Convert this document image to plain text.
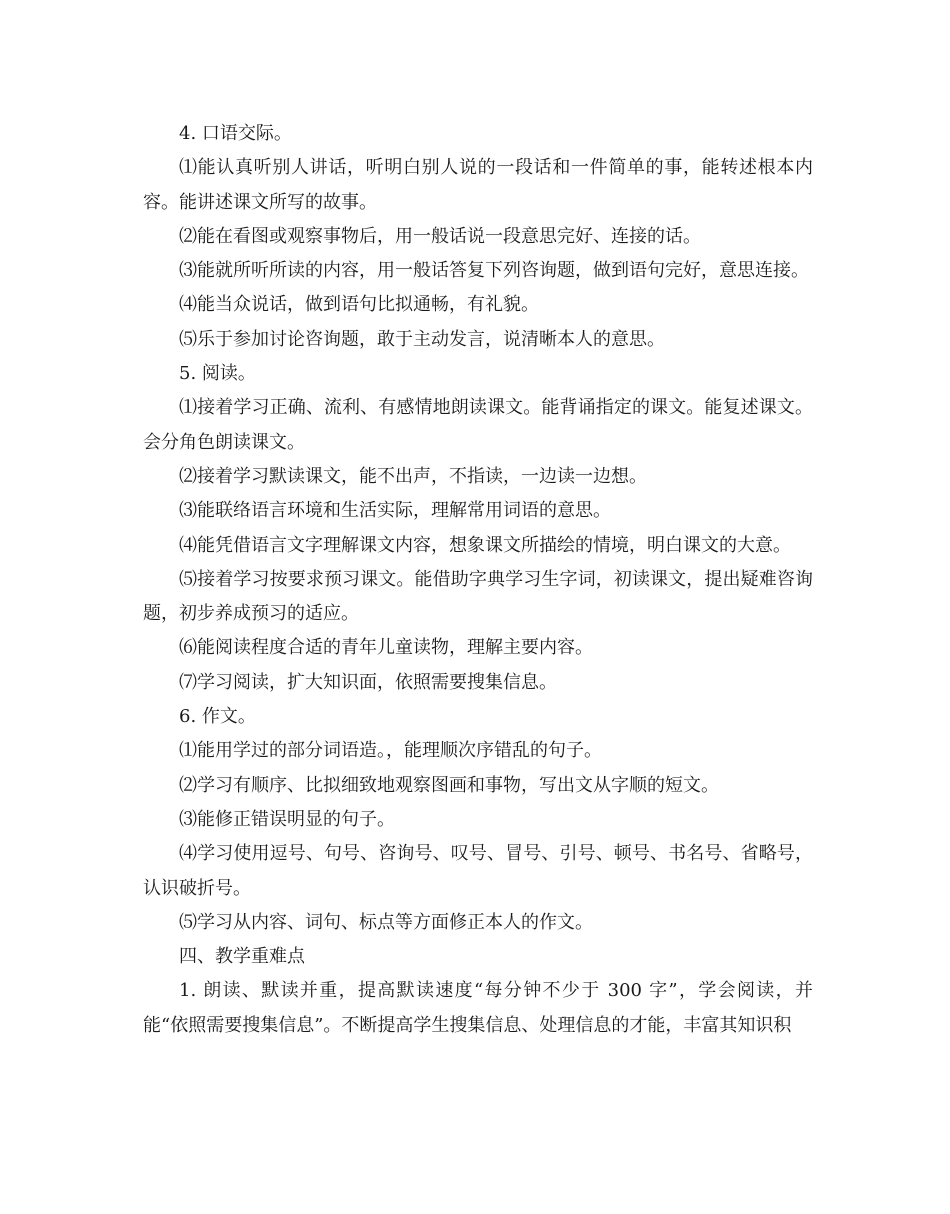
4. 口语交际。

⑴能认真听别人讲话，听明白别人说的一段话和一件简单的事，能转述根本内容。能讲述课文所写的故事。

⑵能在看图或观察事物后，用一般话说一段意思完好、连接的话。

⑶能就所听所读的内容，用一般话答复下列咨询题，做到语句完好，意思连接。

⑷能当众说话，做到语句比拟通畅，有礼貌。

⑸乐于参加讨论咨询题，敢于主动发言，说清晰本人的意思。

5. 阅读。

⑴接着学习正确、流利、有感情地朗读课文。能背诵指定的课文。能复述课文。会分角色朗读课文。

⑵接着学习默读课文，能不出声，不指读，一边读一边想。

⑶能联络语言环境和生活实际，理解常用词语的意思。

⑷能凭借语言文字理解课文内容，想象课文所描绘的情境，明白课文的大意。

⑸接着学习按要求预习课文。能借助字典学习生字词，初读课文，提出疑难咨询题，初步养成预习的适应。

⑹能阅读程度合适的青年儿童读物，理解主要内容。

⑺学习阅读，扩大知识面，依照需要搜集信息。

6. 作文。

⑴能用学过的部分词语造。，能理顺次序错乱的句子。

⑵学习有顺序、比拟细致地观察图画和事物，写出文从字顺的短文。

⑶能修正错误明显的句子。

⑷学习使用逗号、句号、咨询号、叹号、冒号、引号、顿号、书名号、省略号，认识破折号。

⑸学习从内容、词句、标点等方面修正本人的作文。

四、教学重难点

1. 朗读、默读并重，提高默读速度“每分钟不少于 300 字”，学会阅读，并能“依照需要搜集信息”。不断提高学生搜集信息、处理信息的才能，丰富其知识积
